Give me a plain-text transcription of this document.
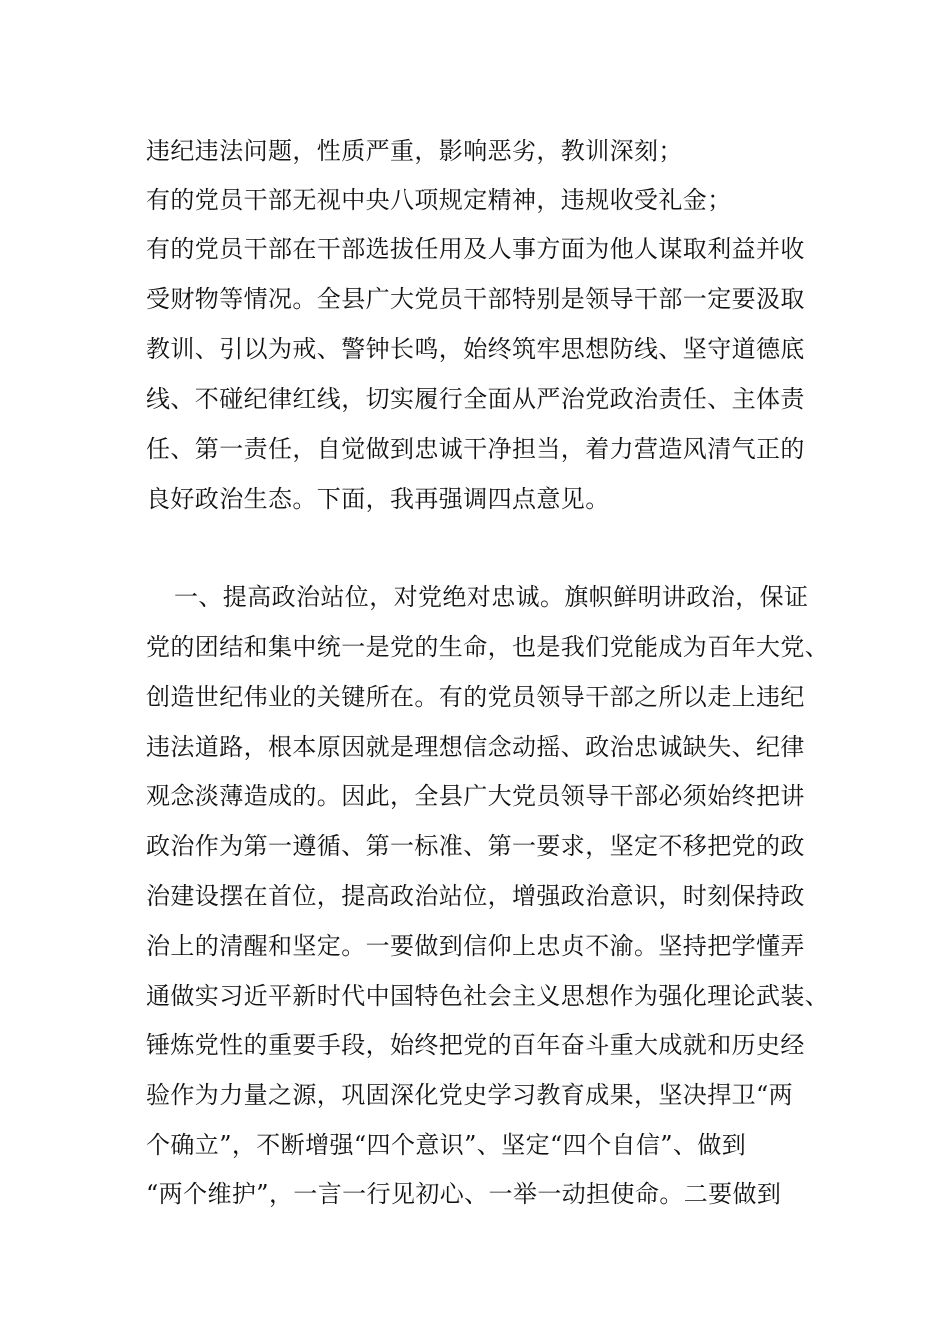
违纪违法问题，性质严重，影响恶劣，教训深刻；
有的党员干部无视中央八项规定精神，违规收受礼金；
有的党员干部在干部选拔任用及人事方面为他人谋取利益并收
受财物等情况。全县广大党员干部特别是领导干部一定要汲取
教训、引以为戒、警钟长鸣，始终筑牢思想防线、坚守道德底
线、不碰纪律红线，切实履行全面从严治党政治责任、主体责
任、第一责任，自觉做到忠诚干净担当，着力营造风清气正的
良好政治生态。下面，我再强调四点意见。
一、提高政治站位，对党绝对忠诚。旗帜鲜明讲政治，保证
党的团结和集中统一是党的生命，也是我们党能成为百年大党、
创造世纪伟业的关键所在。有的党员领导干部之所以走上违纪
违法道路，根本原因就是理想信念动摇、政治忠诚缺失、纪律
观念淡薄造成的。因此，全县广大党员领导干部必须始终把讲
政治作为第一遵循、第一标准、第一要求，坚定不移把党的政
治建设摆在首位，提高政治站位，增强政治意识，时刻保持政
治上的清醒和坚定。一要做到信仰上忠贞不渝。坚持把学懂弄
通做实习近平新时代中国特色社会主义思想作为强化理论武装、
锤炼党性的重要手段，始终把党的百年奋斗重大成就和历史经
验作为力量之源，巩固深化党史学习教育成果，坚决捍卫“两
个确立”，不断增强“四个意识”、坚定“四个自信”、做到
“两个维护”，一言一行见初心、一举一动担使命。二要做到
